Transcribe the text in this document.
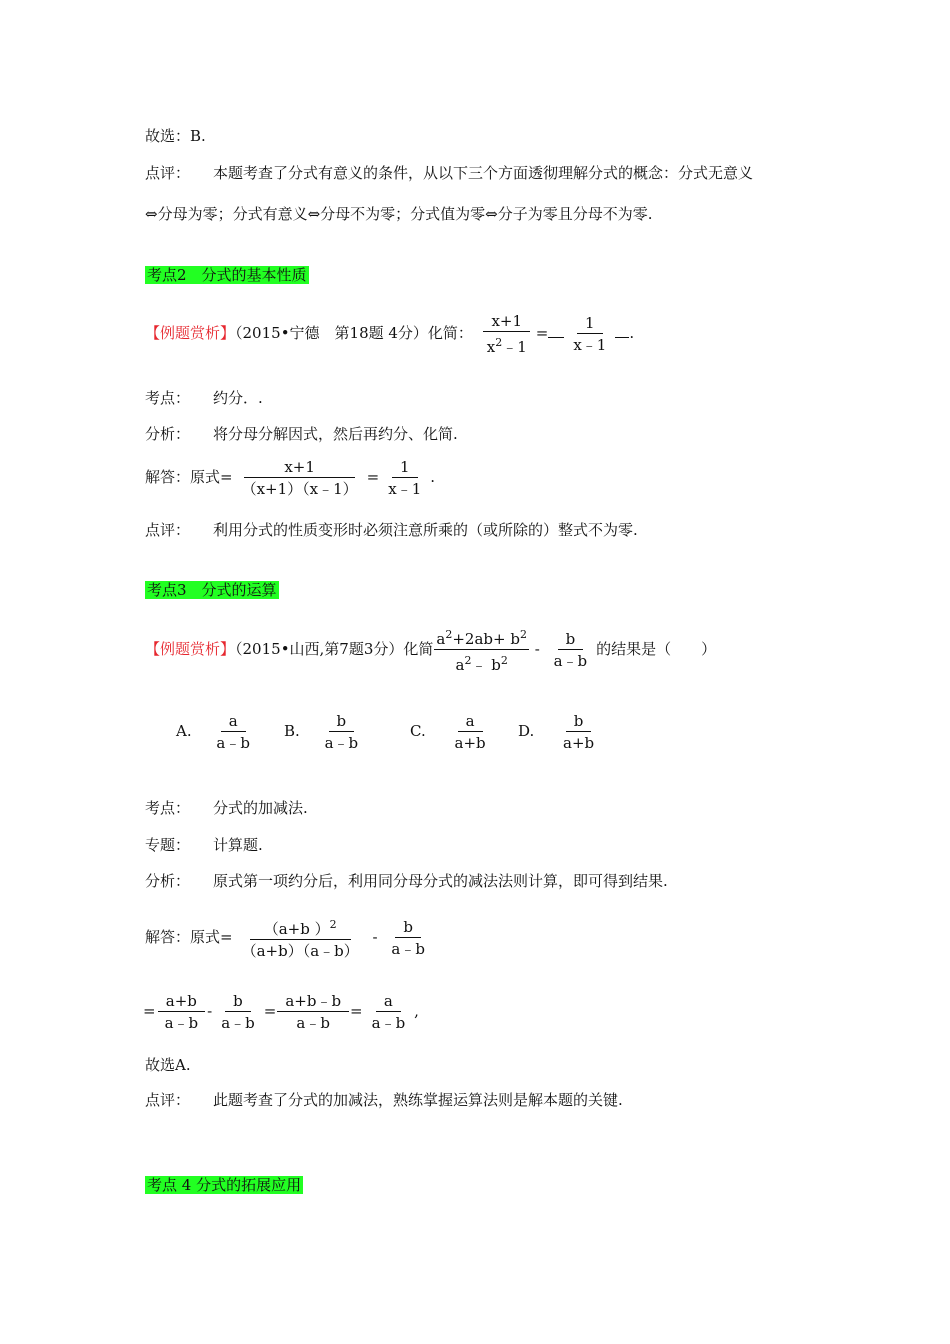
故选：B.
点评： 本题考查了分式有意义的条件，从以下三个方面透彻理解分式的概念：分式无意义
⇔分母为零；分式有意义⇔分母不为零；分式值为零⇔分子为零且分母不为零.
考点2　分式的基本性质
【例题赏析】（2015•宁德　第18题 4分）化简： $\frac{x+1}{x^2﹣1} = \frac{1}{x﹣1}$ .
考点： 约分．.
分析： 将分母分解因式，然后再约分、化简.
解答：原式= $\frac{x+1}{(x+1)(x﹣1)} = \frac{1}{x﹣1}$ .
点评： 利用分式的性质变形时必须注意所乘的（或所除的）整式不为零.
考点3　分式的运算
【例题赏析】（2015•山西,第7题3分）化简 $\frac{a^2+2ab+ b^2}{a^2﹣ b^2} - \frac{b}{a﹣b}$ 的结果是（　　）
A. $\frac{a}{a﹣b} B$. $\frac{b}{a﹣b}$	C. $\frac{a}{a+b} D$. $\frac{b}{a+b}$
考点： 分式的加减法.
专题： 计算题.
分析： 原式第一项约分后，利用同分母分式的减法法则计算，即可得到结果.
解答：原式= $\frac{(a+b )^2}{(a+b)(a﹣b)} - \frac{b}{a﹣b}$
= $\frac{a+b}{a﹣b} - \frac{b}{a﹣b} = \frac{a+b﹣b}{a﹣b} = \frac{a}{a﹣b}$ ,
故选A.
点评： 此题考查了分式的加减法，熟练掌握运算法则是解本题的关键.
考点 4 分式的拓展应用
